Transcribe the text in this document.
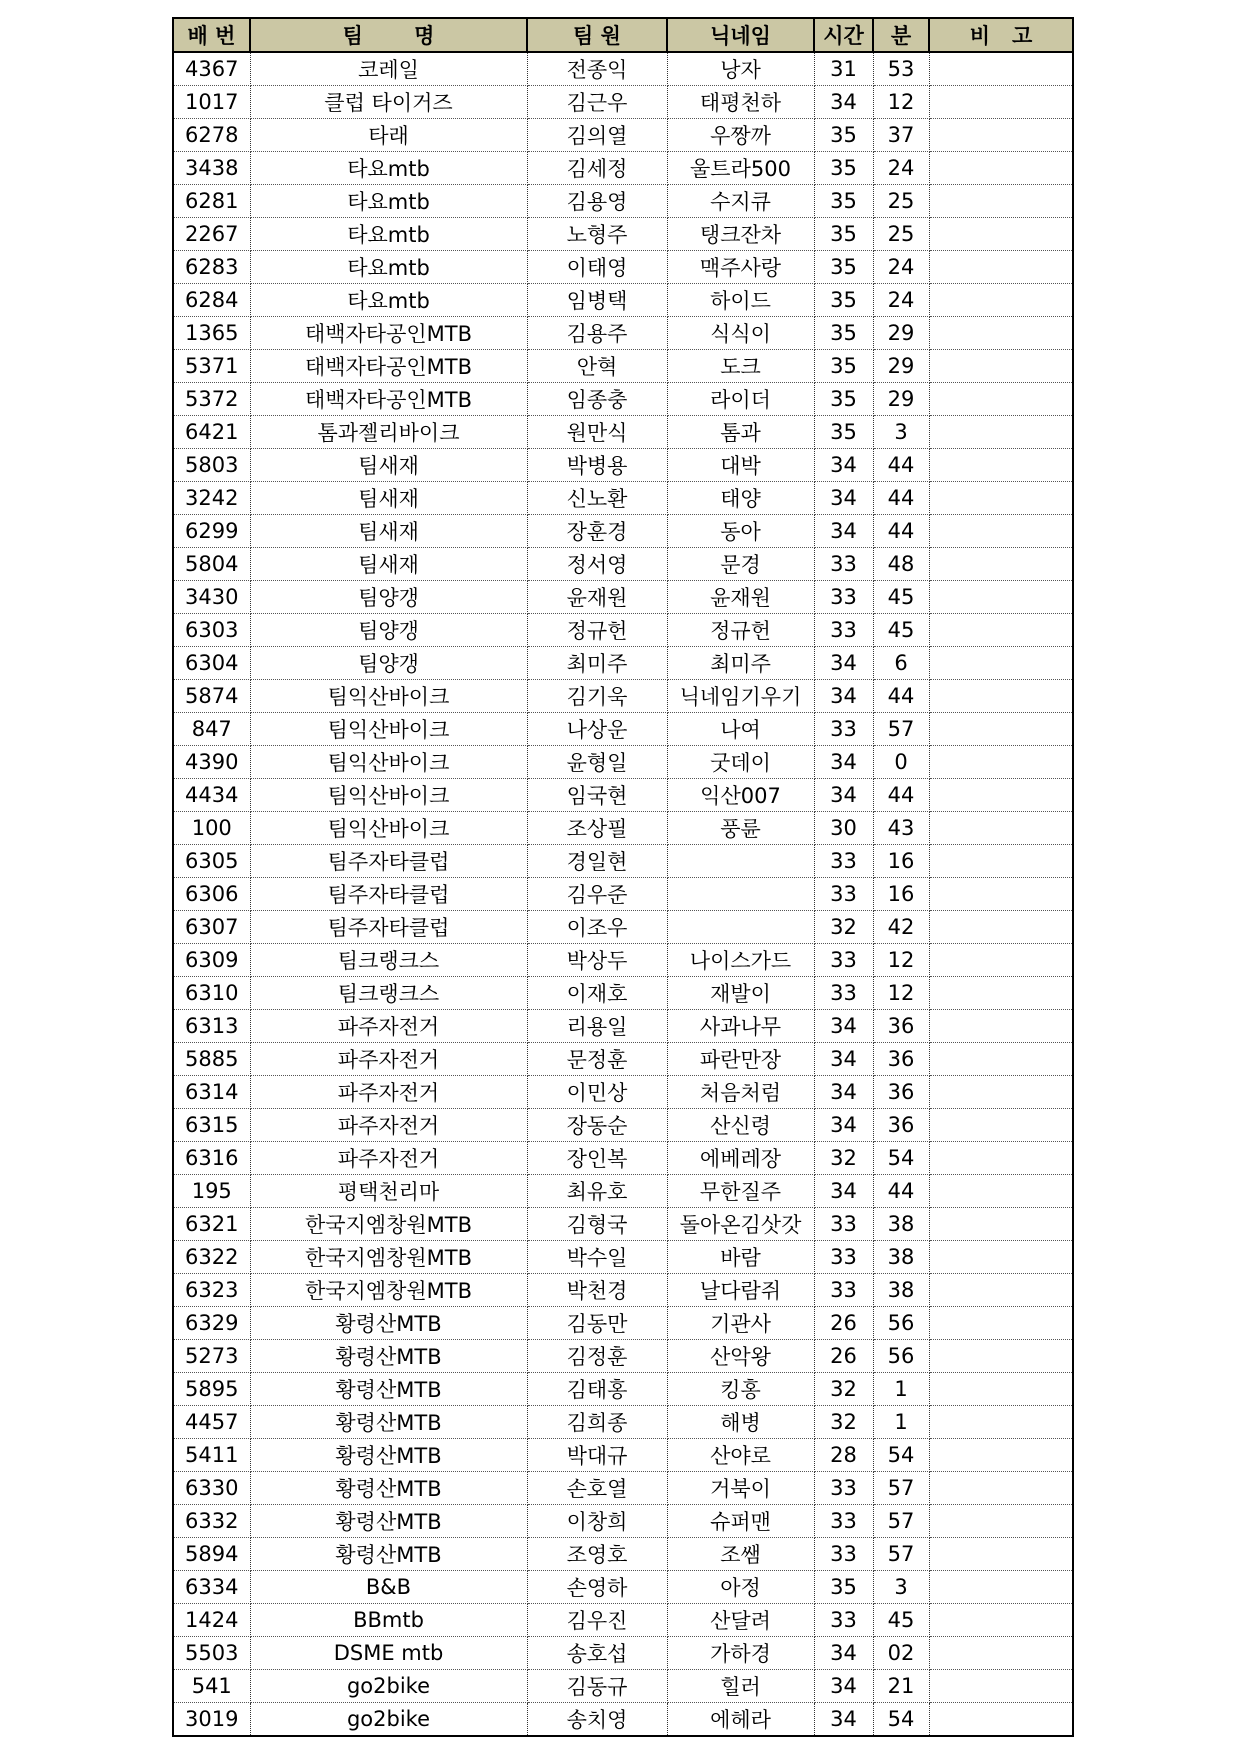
배 번	팀       명	팀 원	닉네임	시간	분	비   고
4367	코레일	전종익	낭자	31	53	
1017	클럽 타이거즈	김근우	태평천하	34	12	
6278	타래	김의열	우짱까	35	37	
3438	타요mtb	김세정	울트라500	35	24	
6281	타요mtb	김용영	수지큐	35	25	
2267	타요mtb	노형주	탱크잔차	35	25	
6283	타요mtb	이태영	맥주사랑	35	24	
6284	타요mtb	임병택	하이드	35	24	
1365	태백자타공인MTB	김용주	식식이	35	29	
5371	태백자타공인MTB	안혁	도크	35	29	
5372	태백자타공인MTB	임종충	라이더	35	29	
6421	톰과젤리바이크	원만식	톰과	35	3	
5803	팀새재	박병용	대박	34	44	
3242	팀새재	신노환	태양	34	44	
6299	팀새재	장훈경	동아	34	44	
5804	팀새재	정서영	문경	33	48	
3430	팀양갱	윤재원	윤재원	33	45	
6303	팀양갱	정규헌	정규헌	33	45	
6304	팀양갱	최미주	최미주	34	6	
5874	팀익산바이크	김기욱	닉네임기우기	34	44	
847	팀익산바이크	나상운	나여	33	57	
4390	팀익산바이크	윤형일	굿데이	34	0	
4434	팀익산바이크	임국현	익산007	34	44	
100	팀익산바이크	조상필	풍륜	30	43	
6305	팀주자타클럽	경일현		33	16	
6306	팀주자타클럽	김우준		33	16	
6307	팀주자타클럽	이조우		32	42	
6309	팀크랭크스	박상두	나이스가드	33	12	
6310	팀크랭크스	이재호	재발이	33	12	
6313	파주자전거	리용일	사과나무	34	36	
5885	파주자전거	문정훈	파란만장	34	36	
6314	파주자전거	이민상	처음처럼	34	36	
6315	파주자전거	장동순	산신령	34	36	
6316	파주자전거	장인복	에베레장	32	54	
195	평택천리마	최유호	무한질주	34	44	
6321	한국지엠창원MTB	김형국	돌아온김삿갓	33	38	
6322	한국지엠창원MTB	박수일	바람	33	38	
6323	한국지엠창원MTB	박천경	날다람쥐	33	38	
6329	황령산MTB	김동만	기관사	26	56	
5273	황령산MTB	김정훈	산악왕	26	56	
5895	황령산MTB	김태홍	킹홍	32	1	
4457	황령산MTB	김희종	해병	32	1	
5411	황령산MTB	박대규	산야로	28	54	
6330	황령산MTB	손호열	거북이	33	57	
6332	황령산MTB	이창희	슈퍼맨	33	57	
5894	황령산MTB	조영호	조쌤	33	57	
6334	B&B	손영하	아정	35	3	
1424	BBmtb	김우진	산달려	33	45	
5503	DSME mtb	송호섭	가하경	34	02	
541	go2bike	김동규	힐러	34	21	
3019	go2bike	송치영	에헤라	34	54	
